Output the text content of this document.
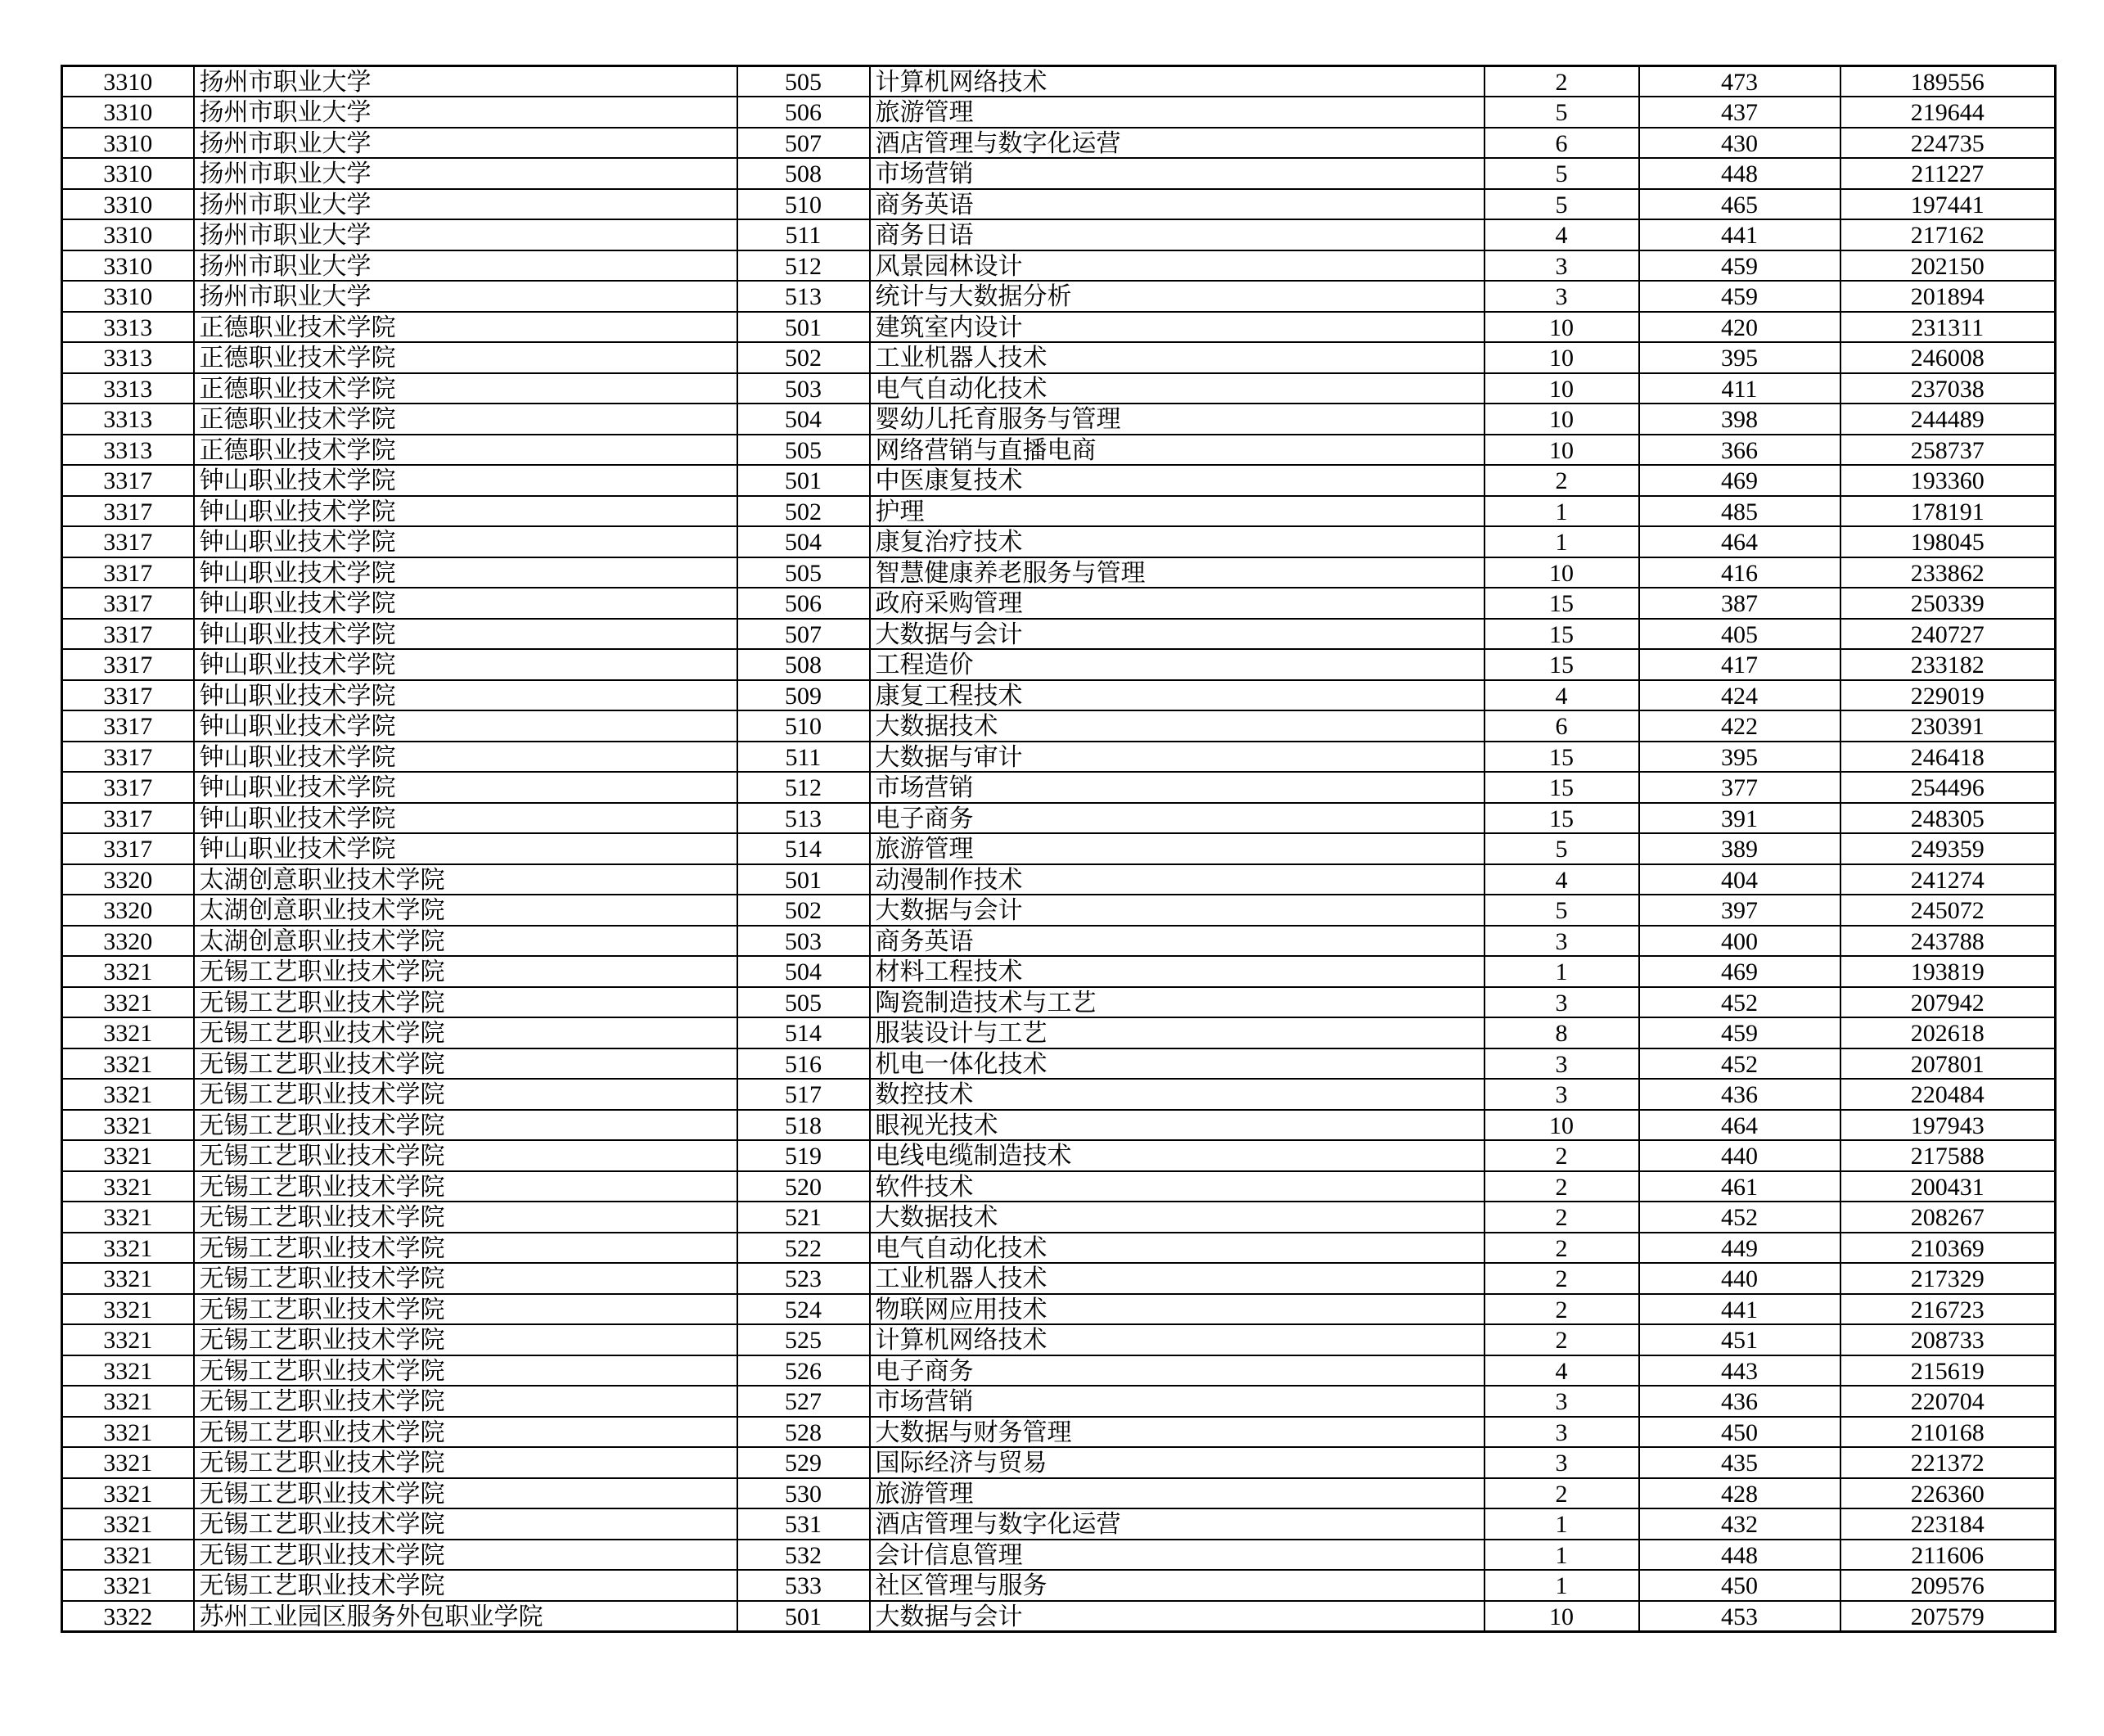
3310	扬州市职业大学	505	计算机网络技术	2	473	189556
3310	扬州市职业大学	506	旅游管理	5	437	219644
3310	扬州市职业大学	507	酒店管理与数字化运营	6	430	224735
3310	扬州市职业大学	508	市场营销	5	448	211227
3310	扬州市职业大学	510	商务英语	5	465	197441
3310	扬州市职业大学	511	商务日语	4	441	217162
3310	扬州市职业大学	512	风景园林设计	3	459	202150
3310	扬州市职业大学	513	统计与大数据分析	3	459	201894
3313	正德职业技术学院	501	建筑室内设计	10	420	231311
3313	正德职业技术学院	502	工业机器人技术	10	395	246008
3313	正德职业技术学院	503	电气自动化技术	10	411	237038
3313	正德职业技术学院	504	婴幼儿托育服务与管理	10	398	244489
3313	正德职业技术学院	505	网络营销与直播电商	10	366	258737
3317	钟山职业技术学院	501	中医康复技术	2	469	193360
3317	钟山职业技术学院	502	护理	1	485	178191
3317	钟山职业技术学院	504	康复治疗技术	1	464	198045
3317	钟山职业技术学院	505	智慧健康养老服务与管理	10	416	233862
3317	钟山职业技术学院	506	政府采购管理	15	387	250339
3317	钟山职业技术学院	507	大数据与会计	15	405	240727
3317	钟山职业技术学院	508	工程造价	15	417	233182
3317	钟山职业技术学院	509	康复工程技术	4	424	229019
3317	钟山职业技术学院	510	大数据技术	6	422	230391
3317	钟山职业技术学院	511	大数据与审计	15	395	246418
3317	钟山职业技术学院	512	市场营销	15	377	254496
3317	钟山职业技术学院	513	电子商务	15	391	248305
3317	钟山职业技术学院	514	旅游管理	5	389	249359
3320	太湖创意职业技术学院	501	动漫制作技术	4	404	241274
3320	太湖创意职业技术学院	502	大数据与会计	5	397	245072
3320	太湖创意职业技术学院	503	商务英语	3	400	243788
3321	无锡工艺职业技术学院	504	材料工程技术	1	469	193819
3321	无锡工艺职业技术学院	505	陶瓷制造技术与工艺	3	452	207942
3321	无锡工艺职业技术学院	514	服装设计与工艺	8	459	202618
3321	无锡工艺职业技术学院	516	机电一体化技术	3	452	207801
3321	无锡工艺职业技术学院	517	数控技术	3	436	220484
3321	无锡工艺职业技术学院	518	眼视光技术	10	464	197943
3321	无锡工艺职业技术学院	519	电线电缆制造技术	2	440	217588
3321	无锡工艺职业技术学院	520	软件技术	2	461	200431
3321	无锡工艺职业技术学院	521	大数据技术	2	452	208267
3321	无锡工艺职业技术学院	522	电气自动化技术	2	449	210369
3321	无锡工艺职业技术学院	523	工业机器人技术	2	440	217329
3321	无锡工艺职业技术学院	524	物联网应用技术	2	441	216723
3321	无锡工艺职业技术学院	525	计算机网络技术	2	451	208733
3321	无锡工艺职业技术学院	526	电子商务	4	443	215619
3321	无锡工艺职业技术学院	527	市场营销	3	436	220704
3321	无锡工艺职业技术学院	528	大数据与财务管理	3	450	210168
3321	无锡工艺职业技术学院	529	国际经济与贸易	3	435	221372
3321	无锡工艺职业技术学院	530	旅游管理	2	428	226360
3321	无锡工艺职业技术学院	531	酒店管理与数字化运营	1	432	223184
3321	无锡工艺职业技术学院	532	会计信息管理	1	448	211606
3321	无锡工艺职业技术学院	533	社区管理与服务	1	450	209576
3322	苏州工业园区服务外包职业学院	501	大数据与会计	10	453	207579
